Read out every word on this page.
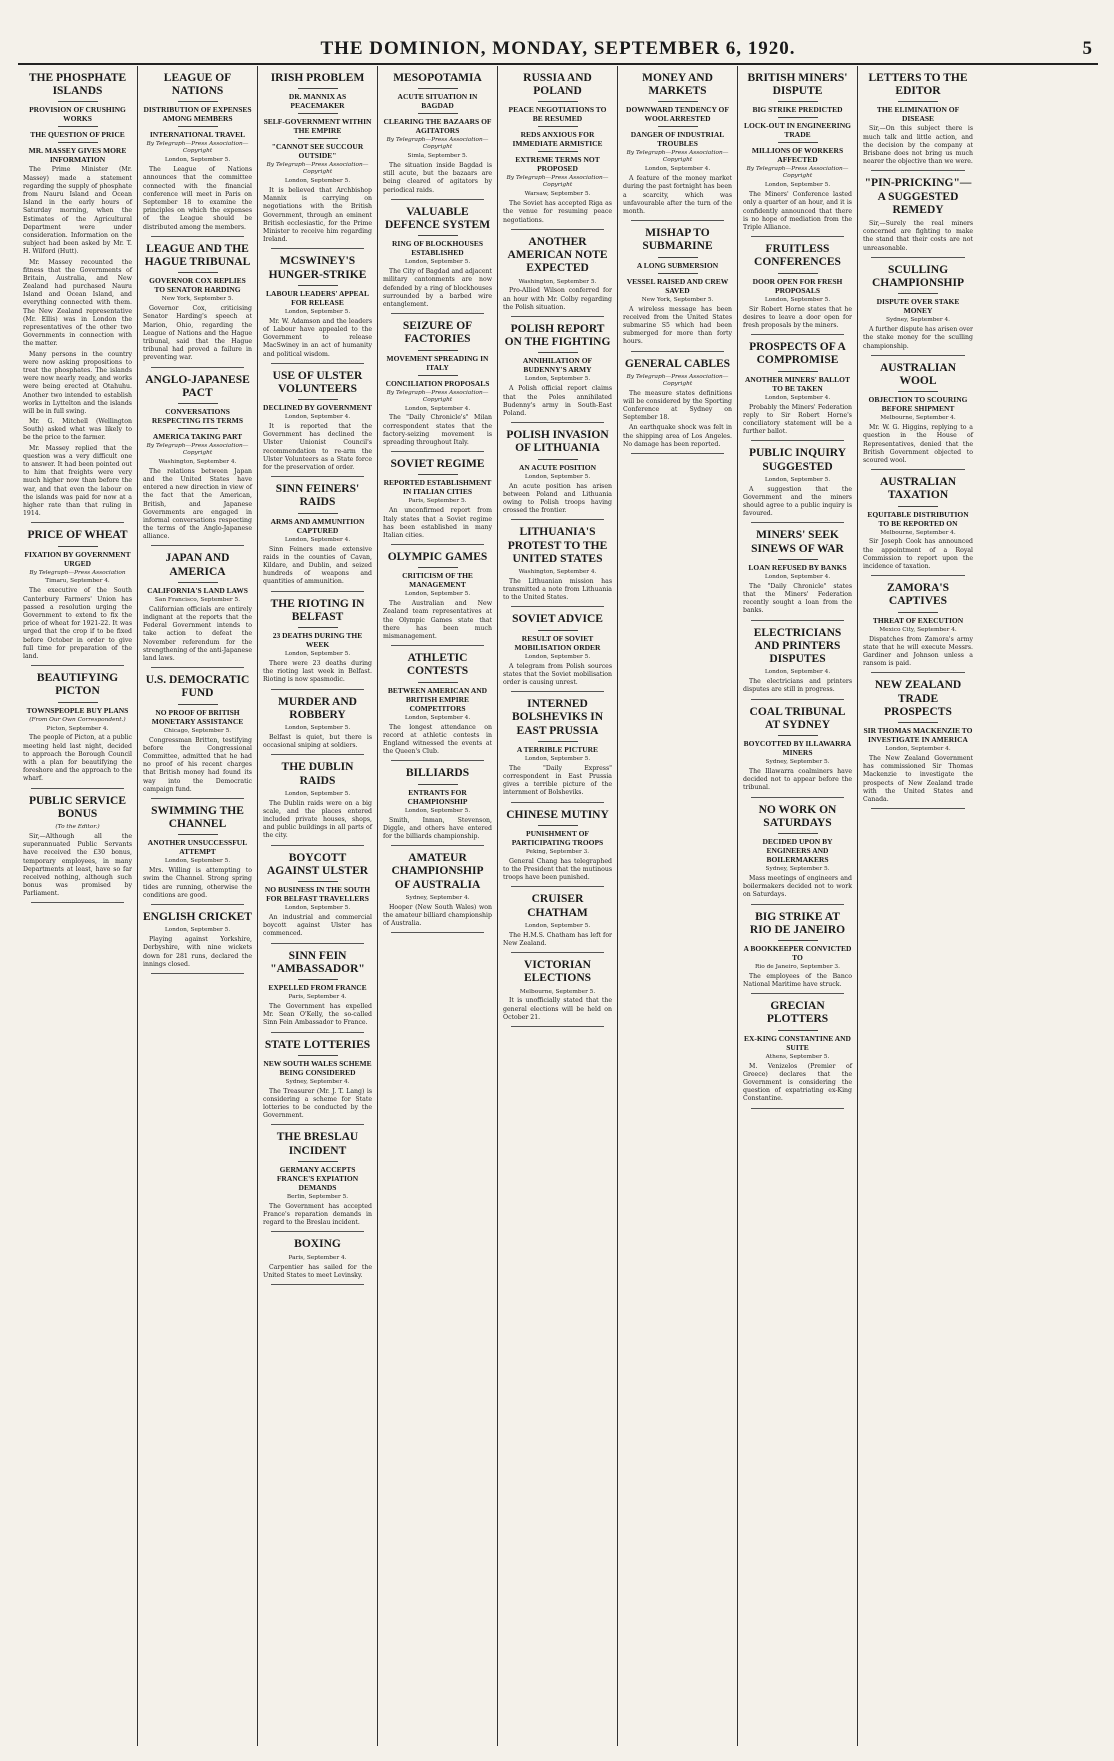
THE DOMINION, MONDAY, SEPTEMBER 6, 1920.	5
THE PHOSPHATE ISLANDS
PROVISION OF CRUSHING WORKS
THE QUESTION OF PRICE
MR. MASSEY GIVES MORE INFORMATION

The Prime Minister (Mr. Massey) made a statement regarding the supply of phosphate from Nauru Island and Ocean Island in the early hours of Saturday morning, when the Estimates of the Agricultural Department were under consideration. Information on the subject had been asked by Mr. T. H. Wilford (Hutt).

Mr. Massey recounted the fitness that the Governments of Britain, Australia, and New Zealand had purchased Nauru Island and Ocean Island, and everything connected with them. The New Zealand representative (Mr. Ellis) was in London the representatives of the other two Governments in connection with the matter.

Many persons in the country were now asking propositions to treat the phosphates. The islands were now nearly ready, and works were being erected at Otahuhu. Another two intended to establish works in Lyttelton and the islands will be in full swing.

Mr. G. Mitchell (Wellington South) asked what was likely to be the price to the farmer.

Mr. Massey replied that the question was a very difficult one to answer. It had been pointed out to him that freights were very much higher now than before the war, and that even the labour on the islands was paid for now at a higher rate than that ruling in 1914.

PRICE OF WHEAT
FIXATION BY GOVERNMENT URGED
By Telegraph—Press Association
Timaru, September 4.

The executive of the South Canterbury Farmers' Union has passed a resolution urging the Government to extend to fix the price of wheat for 1921-22. It was urged that the crop if to be fixed before October in order to give full time for preparation of the land.

BEAUTIFYING PICTON
TOWNSPEOPLE BUY PLANS
(From Our Own Correspondent.)
Picton, September 4.

The people of Picton, at a public meeting held last night, decided to approach the Borough Council with a plan for beautifying the foreshore and the approach to the wharf.

PUBLIC SERVICE BONUS
(To the Editor.)

Sir,—Although all the superannuated Public Servants have received the £30 bonus, temporary employees, in many Departments at least, have so far received nothing, although such bonus was promised by Parliament.

LEAGUE OF NATIONS
DISTRIBUTION OF EXPENSES AMONG MEMBERS
INTERNATIONAL TRAVEL
By Telegraph—Press Association—Copyright
London, September 5.

The League of Nations announces that the committee connected with the financial conference will meet in Paris on September 18 to examine the principles on which the expenses of the League should be distributed among the members.

LEAGUE AND THE HAGUE TRIBUNAL
GOVERNOR COX REPLIES TO SENATOR HARDING
New York, September 5.

Governor Cox, criticising Senator Harding's speech at Marion, Ohio, regarding the League of Nations and the Hague tribunal, said that the Hague tribunal had proved a failure in preventing war.

ANGLO-JAPANESE PACT
CONVERSATIONS RESPECTING ITS TERMS
AMERICA TAKING PART
By Telegraph—Press Association—Copyright
Washington, September 4.

The relations between Japan and the United States have entered a new direction in view of the fact that the American, British, and Japanese Governments are engaged in informal conversations respecting the terms of the Anglo-Japanese alliance.

JAPAN AND AMERICA
CALIFORNIA'S LAND LAWS
San Francisco, September 5.

Californian officials are entirely indignant at the reports that the Federal Government intends to take action to defeat the November referendum for the strengthening of the anti-Japanese land laws.

U.S. DEMOCRATIC FUND
NO PROOF OF BRITISH MONETARY ASSISTANCE
Chicago, September 5.

Congressman Britten, testifying before the Congressional Committee, admitted that he had no proof of his recent charges that British money had found its way into the Democratic campaign fund.

SWIMMING THE CHANNEL
ANOTHER UNSUCCESSFUL ATTEMPT
London, September 5.

Mrs. Willing is attempting to swim the Channel. Strong spring tides are running, otherwise the conditions are good.

ENGLISH CRICKET
London, September 5.

Playing against Yorkshire, Derbyshire, with nine wickets down for 281 runs, declared the innings closed.

IRISH PROBLEM
DR. MANNIX AS PEACEMAKER
SELF-GOVERNMENT WITHIN THE EMPIRE
"CANNOT SEE SUCCOUR OUTSIDE"
By Telegraph—Press Association—Copyright
London, September 5.

It is believed that Archbishop Mannix is carrying on negotiations with the British Government, through an eminent British ecclesiastic, for the Prime Minister to receive him regarding Ireland.

MCSWINEY'S HUNGER-STRIKE
LABOUR LEADERS' APPEAL FOR RELEASE
London, September 5.

Mr. W. Adamson and the leaders of Labour have appealed to the Government to release MacSwiney in an act of humanity and political wisdom.

USE OF ULSTER VOLUNTEERS
DECLINED BY GOVERNMENT
London, September 4.

It is reported that the Government has declined the Ulster Unionist Council's recommendation to re-arm the Ulster Volunteers as a State force for the preservation of order.

SINN FEINERS' RAIDS
ARMS AND AMMUNITION CAPTURED
London, September 4.

Sinn Feiners made extensive raids in the counties of Cavan, Kildare, and Dublin, and seized hundreds of weapons and quantities of ammunition.

THE RIOTING IN BELFAST
23 DEATHS DURING THE WEEK
London, September 5.

There were 23 deaths during the rioting last week in Belfast. Rioting is now spasmodic.

MURDER AND ROBBERY
London, September 5.

Belfast is quiet, but there is occasional sniping at soldiers.

THE DUBLIN RAIDS
London, September 5.

The Dublin raids were on a big scale, and the places entered included private houses, shops, and public buildings in all parts of the city.

BOYCOTT AGAINST ULSTER
NO BUSINESS IN THE SOUTH FOR BELFAST TRAVELLERS
London, September 5.

An industrial and commercial boycott against Ulster has commenced.

SINN FEIN "AMBASSADOR"
EXPELLED FROM FRANCE
Paris, September 4.

The Government has expelled Mr. Sean O'Kelly, the so-called Sinn Fein Ambassador to France.

STATE LOTTERIES
NEW SOUTH WALES SCHEME BEING CONSIDERED
Sydney, September 4.

The Treasurer (Mr. J. T. Lang) is considering a scheme for State lotteries to be conducted by the Government.

THE BRESLAU INCIDENT
GERMANY ACCEPTS FRANCE'S EXPIATION DEMANDS
Berlin, September 5.

The Government has accepted France's reparation demands in regard to the Breslau incident.

BOXING
Paris, September 4.

Carpentier has sailed for the United States to meet Levinsky.

MESOPOTAMIA
ACUTE SITUATION IN BAGDAD
CLEARING THE BAZAARS OF AGITATORS
By Telegraph—Press Association—Copyright
Simla, September 5.

The situation inside Bagdad is still acute, but the bazaars are being cleared of agitators by periodical raids.

VALUABLE DEFENCE SYSTEM
RING OF BLOCKHOUSES ESTABLISHED
London, September 5.

The City of Bagdad and adjacent military cantonments are now defended by a ring of blockhouses surrounded by a barbed wire entanglement.

SEIZURE OF FACTORIES
MOVEMENT SPREADING IN ITALY
CONCILIATION PROPOSALS
By Telegraph—Press Association—Copyright
London, September 4.

The "Daily Chronicle's" Milan correspondent states that the factory-seizing movement is spreading throughout Italy.

SOVIET REGIME
REPORTED ESTABLISHMENT IN ITALIAN CITIES
Paris, September 5.

An unconfirmed report from Italy states that a Soviet regime has been established in many Italian cities.

OLYMPIC GAMES
CRITICISM OF THE MANAGEMENT
London, September 5.

The Australian and New Zealand team representatives at the Olympic Games state that there has been much mismanagement.

ATHLETIC CONTESTS
BETWEEN AMERICAN AND BRITISH EMPIRE COMPETITORS
London, September 4.

The longest attendance on record at athletic contests in England witnessed the events at the Queen's Club.

BILLIARDS
ENTRANTS FOR CHAMPIONSHIP
London, September 5.

Smith, Inman, Stevenson, Diggle, and others have entered for the billiards championship.

AMATEUR CHAMPIONSHIP OF AUSTRALIA
Sydney, September 4.

Hooper (New South Wales) won the amateur billiard championship of Australia.

RUSSIA AND POLAND
PEACE NEGOTIATIONS TO BE RESUMED
REDS ANXIOUS FOR IMMEDIATE ARMISTICE
EXTREME TERMS NOT PROPOSED
By Telegraph—Press Association—Copyright
Warsaw, September 5.

The Soviet has accepted Riga as the venue for resuming peace negotiations.

ANOTHER AMERICAN NOTE EXPECTED
Washington, September 5.

Pro-Allied Wilson conferred for an hour with Mr. Colby regarding the Polish situation.

POLISH REPORT ON THE FIGHTING
ANNIHILATION OF BUDENNY'S ARMY
London, September 5.

A Polish official report claims that the Poles annihilated Budenny's army in South-East Poland.

POLISH INVASION OF LITHUANIA
AN ACUTE POSITION
London, September 5.

An acute position has arisen between Poland and Lithuania owing to Polish troops having crossed the frontier.

LITHUANIA'S PROTEST TO THE UNITED STATES
Washington, September 4.

The Lithuanian mission has transmitted a note from Lithuania to the United States.

SOVIET ADVICE
RESULT OF SOVIET MOBILISATION ORDER
London, September 5.

A telegram from Polish sources states that the Soviet mobilisation order is causing unrest.

INTERNED BOLSHEVIKS IN EAST PRUSSIA
A TERRIBLE PICTURE
London, September 5.

The "Daily Express" correspondent in East Prussia gives a terrible picture of the internment of Bolsheviks.

CHINESE MUTINY
PUNISHMENT OF PARTICIPATING TROOPS
Peking, September 3.

General Chang has telegraphed to the President that the mutinous troops have been punished.

CRUISER CHATHAM
London, September 5.

The H.M.S. Chatham has left for New Zealand.

VICTORIAN ELECTIONS
Melbourne, September 5.

It is unofficially stated that the general elections will be held on October 21.

MONEY AND MARKETS
DOWNWARD TENDENCY OF WOOL ARRESTED
DANGER OF INDUSTRIAL TROUBLES
By Telegraph—Press Association—Copyright
London, September 4.

A feature of the money market during the past fortnight has been a scarcity, which was unfavourable after the turn of the month.

MISHAP TO SUBMARINE
A LONG SUBMERSION
VESSEL RAISED AND CREW SAVED
New York, September 5.

A wireless message has been received from the United States submarine S5 which had been submerged for more than forty hours.

GENERAL CABLES
By Telegraph—Press Association—Copyright

The measure states definitions will be considered by the Sporting Conference at Sydney on September 18.

An earthquake shock was felt in the shipping area of Los Angeles. No damage has been reported.

BRITISH MINERS' DISPUTE
BIG STRIKE PREDICTED
LOCK-OUT IN ENGINEERING TRADE
MILLIONS OF WORKERS AFFECTED
By Telegraph—Press Association—Copyright
London, September 5.

The Miners' Conference lasted only a quarter of an hour, and it is confidently announced that there is no hope of mediation from the Triple Alliance.

FRUITLESS CONFERENCES
DOOR OPEN FOR FRESH PROPOSALS
London, September 5.

Sir Robert Horne states that he desires to leave a door open for fresh proposals by the miners.

PROSPECTS OF A COMPROMISE
ANOTHER MINERS' BALLOT TO BE TAKEN
London, September 4.

Probably the Miners' Federation reply to Sir Robert Horne's conciliatory statement will be a further ballot.

PUBLIC INQUIRY SUGGESTED
London, September 5.

A suggestion that the Government and the miners should agree to a public inquiry is favoured.

MINERS' SEEK SINEWS OF WAR
LOAN REFUSED BY BANKS
London, September 4.

The "Daily Chronicle" states that the Miners' Federation recently sought a loan from the banks.

ELECTRICIANS AND PRINTERS DISPUTES
London, September 4.

The electricians and printers disputes are still in progress.

COAL TRIBUNAL AT SYDNEY
BOYCOTTED BY ILLAWARRA MINERS
Sydney, September 5.

The Illawarra coalminers have decided not to appear before the tribunal.

NO WORK ON SATURDAYS
DECIDED UPON BY ENGINEERS AND BOILERMAKERS
Sydney, September 5.

Mass meetings of engineers and boilermakers decided not to work on Saturdays.

BIG STRIKE AT RIO DE JANEIRO
A BOOKKEEPER CONVICTED TO
Rio de Janeiro, September 3.

The employees of the Banco National Maritime have struck.

GRECIAN PLOTTERS
EX-KING CONSTANTINE AND SUITE
Athens, September 5.

M. Venizelos (Premier of Greece) declares that the Government is considering the question of expatriating ex-King Constantine.

LETTERS TO THE EDITOR
THE ELIMINATION OF DISEASE

Sir,—On this subject there is much talk and little action, and the decision by the company at Brisbane does not bring us much nearer the objective than we were.

"PIN-PRICKING"—A SUGGESTED REMEDY

Sir,—Surely the real miners concerned are fighting to make the stand that their costs are not unreasonable.

SCULLING CHAMPIONSHIP
DISPUTE OVER STAKE MONEY
Sydney, September 4.

A further dispute has arisen over the stake money for the sculling championship.

AUSTRALIAN WOOL
OBJECTION TO SCOURING BEFORE SHIPMENT
Melbourne, September 4.

Mr. W. G. Higgins, replying to a question in the House of Representatives, denied that the British Government objected to scoured wool.

AUSTRALIAN TAXATION
EQUITABLE DISTRIBUTION TO BE REPORTED ON
Melbourne, September 4.

Sir Joseph Cook has announced the appointment of a Royal Commission to report upon the incidence of taxation.

ZAMORA'S CAPTIVES
THREAT OF EXECUTION
Mexico City, September 4.

Dispatches from Zamora's army state that he will execute Messrs. Gardiner and Johnson unless a ransom is paid.

NEW ZEALAND TRADE PROSPECTS
SIR THOMAS MACKENZIE TO INVESTIGATE IN AMERICA
London, September 4.

The New Zealand Government has commissioned Sir Thomas Mackenzie to investigate the prospects of New Zealand trade with the United States and Canada.
